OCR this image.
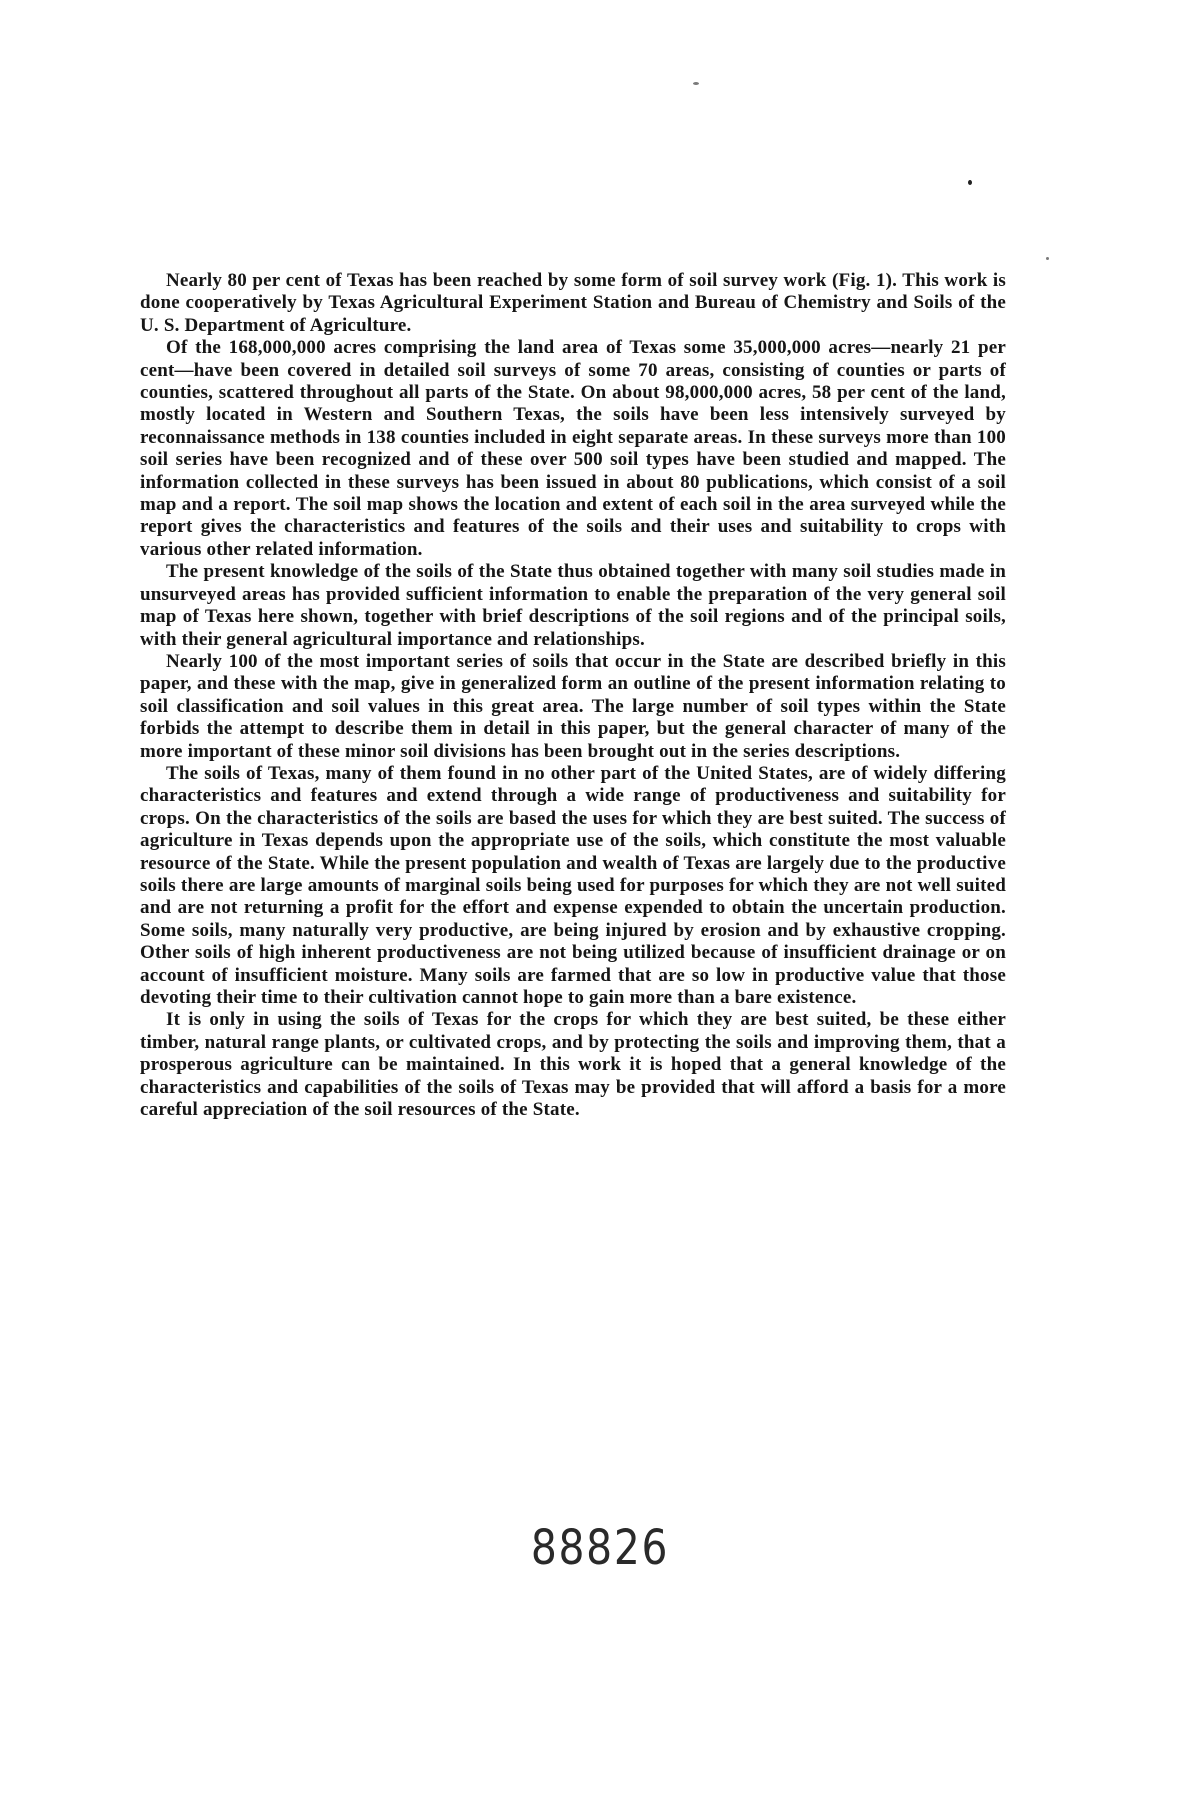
Nearly 80 per cent of Texas has been reached by some form of soil survey work (Fig. 1). This work is done cooperatively by Texas Agricultural Experiment Station and Bureau of Chemistry and Soils of the U. S. Department of Agriculture.

Of the 168,000,000 acres comprising the land area of Texas some 35,000,000 acres—nearly 21 per cent—have been covered in detailed soil surveys of some 70 areas, consisting of counties or parts of counties, scattered throughout all parts of the State. On about 98,000,000 acres, 58 per cent of the land, mostly located in Western and Southern Texas, the soils have been less intensively surveyed by reconnaissance methods in 138 counties included in eight separate areas. In these surveys more than 100 soil series have been recognized and of these over 500 soil types have been studied and mapped. The information collected in these surveys has been issued in about 80 publications, which consist of a soil map and a report. The soil map shows the location and extent of each soil in the area surveyed while the report gives the characteristics and features of the soils and their uses and suitability to crops with various other related information.

The present knowledge of the soils of the State thus obtained together with many soil studies made in unsurveyed areas has provided sufficient information to enable the preparation of the very general soil map of Texas here shown, together with brief descriptions of the soil regions and of the principal soils, with their general agricultural importance and relationships.

Nearly 100 of the most important series of soils that occur in the State are described briefly in this paper, and these with the map, give in generalized form an outline of the present information relating to soil classification and soil values in this great area. The large number of soil types within the State forbids the attempt to describe them in detail in this paper, but the general character of many of the more important of these minor soil divisions has been brought out in the series descriptions.

The soils of Texas, many of them found in no other part of the United States, are of widely differing characteristics and features and extend through a wide range of productiveness and suitability for crops. On the characteristics of the soils are based the uses for which they are best suited. The success of agriculture in Texas depends upon the appropriate use of the soils, which constitute the most valuable resource of the State. While the present population and wealth of Texas are largely due to the productive soils there are large amounts of marginal soils being used for purposes for which they are not well suited and are not returning a profit for the effort and expense expended to obtain the uncertain production. Some soils, many naturally very productive, are being injured by erosion and by exhaustive cropping. Other soils of high inherent productiveness are not being utilized because of insufficient drainage or on account of insufficient moisture. Many soils are farmed that are so low in productive value that those devoting their time to their cultivation cannot hope to gain more than a bare existence.

It is only in using the soils of Texas for the crops for which they are best suited, be these either timber, natural range plants, or cultivated crops, and by protecting the soils and improving them, that a prosperous agriculture can be maintained. In this work it is hoped that a general knowledge of the characteristics and capabilities of the soils of Texas may be provided that will afford a basis for a more careful appreciation of the soil resources of the State.

88826
